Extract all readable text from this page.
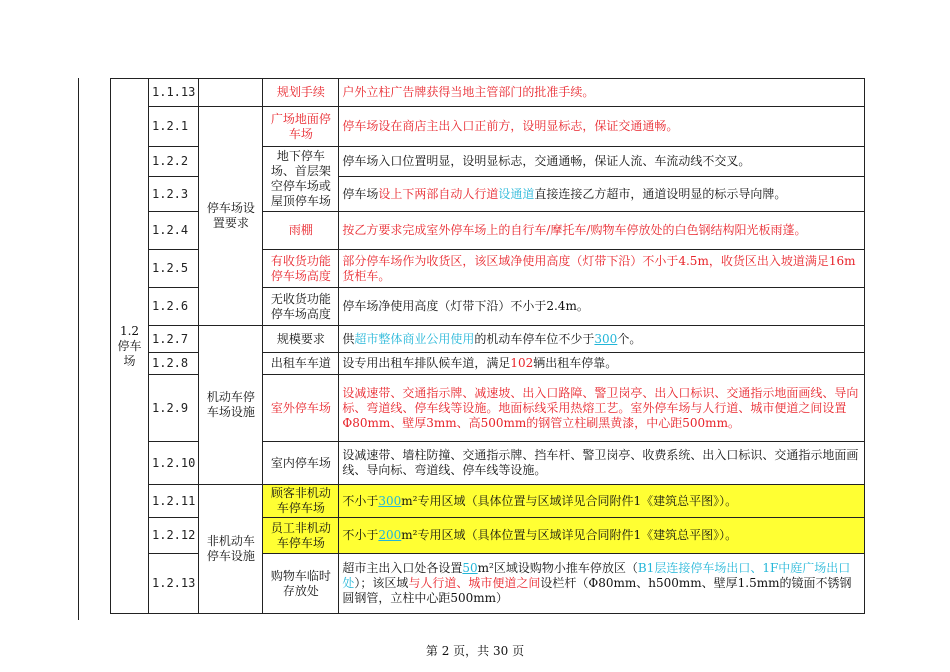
1.2
停车场	1.1.13		规划手续	户外立柱广告牌获得当地主管部门的批准手续。
	1.2.1	停车场设置要求	广场地面停车场	停车场设在商店主出入口正前方，设明显标志，保证交通通畅。
	1.2.2		地下停车场、首层架空停车场或屋顶停车场	停车场入口位置明显，设明显标志，交通通畅，保证人流、车流动线不交叉。
	1.2.3			停车场设上下两部自动人行道设通道直接连接乙方超市，通道设明显的标示导向牌。
	1.2.4		雨棚	按乙方要求完成室外停车场上的自行车/摩托车/购物车停放处的白色钢结构阳光板雨蓬。
	1.2.5		有收货功能停车场高度	部分停车场作为收货区，该区域净使用高度（灯带下沿）不小于4.5m，收货区出入坡道满足16m货柜车。
	1.2.6		无收货功能停车场高度	停车场净使用高度（灯带下沿）不小于2.4m。
	1.2.7	机动车停车场设施	规模要求	供超市整体商业公用使用的机动车停车位不少于300个。
	1.2.8		出租车车道	设专用出租车排队候车道，满足102辆出租车停靠。
	1.2.9		室外停车场	设减速带、交通指示牌、减速坡、出入口路障、警卫岗亭、出入口标识、交通指示地面画线、导向标、弯道线、停车线等设施。地面标线采用热熔工艺。室外停车场与人行道、城市便道之间设置Φ80mm、壁厚3mm、高500mm的钢管立柱刷黑黄漆，中心距500mm。
	1.2.10		室内停车场	设减速带、墙柱防撞、交通指示牌、挡车杆、警卫岗亭、收费系统、出入口标识、交通指示地面画线、导向标、弯道线、停车线等设施。
	1.2.11	非机动车停车设施	顾客非机动车停车场	不小于300m²专用区域（具体位置与区域详见合同附件1《建筑总平图》）。
	1.2.12		员工非机动车停车场	不小于200m²专用区域（具体位置与区域详见合同附件1《建筑总平图》）。
	1.2.13		购物车临时存放处	超市主出入口处各设置50m²区域设购物小推车停放区（B1层连接停车场出口、1F中庭广场出口处）；该区域与人行道、城市便道之间设栏杆（Φ80mm、h500mm、壁厚1.5mm的镜面不锈钢圆钢管，立柱中心距500mm）
第 2 页，共 30 页
